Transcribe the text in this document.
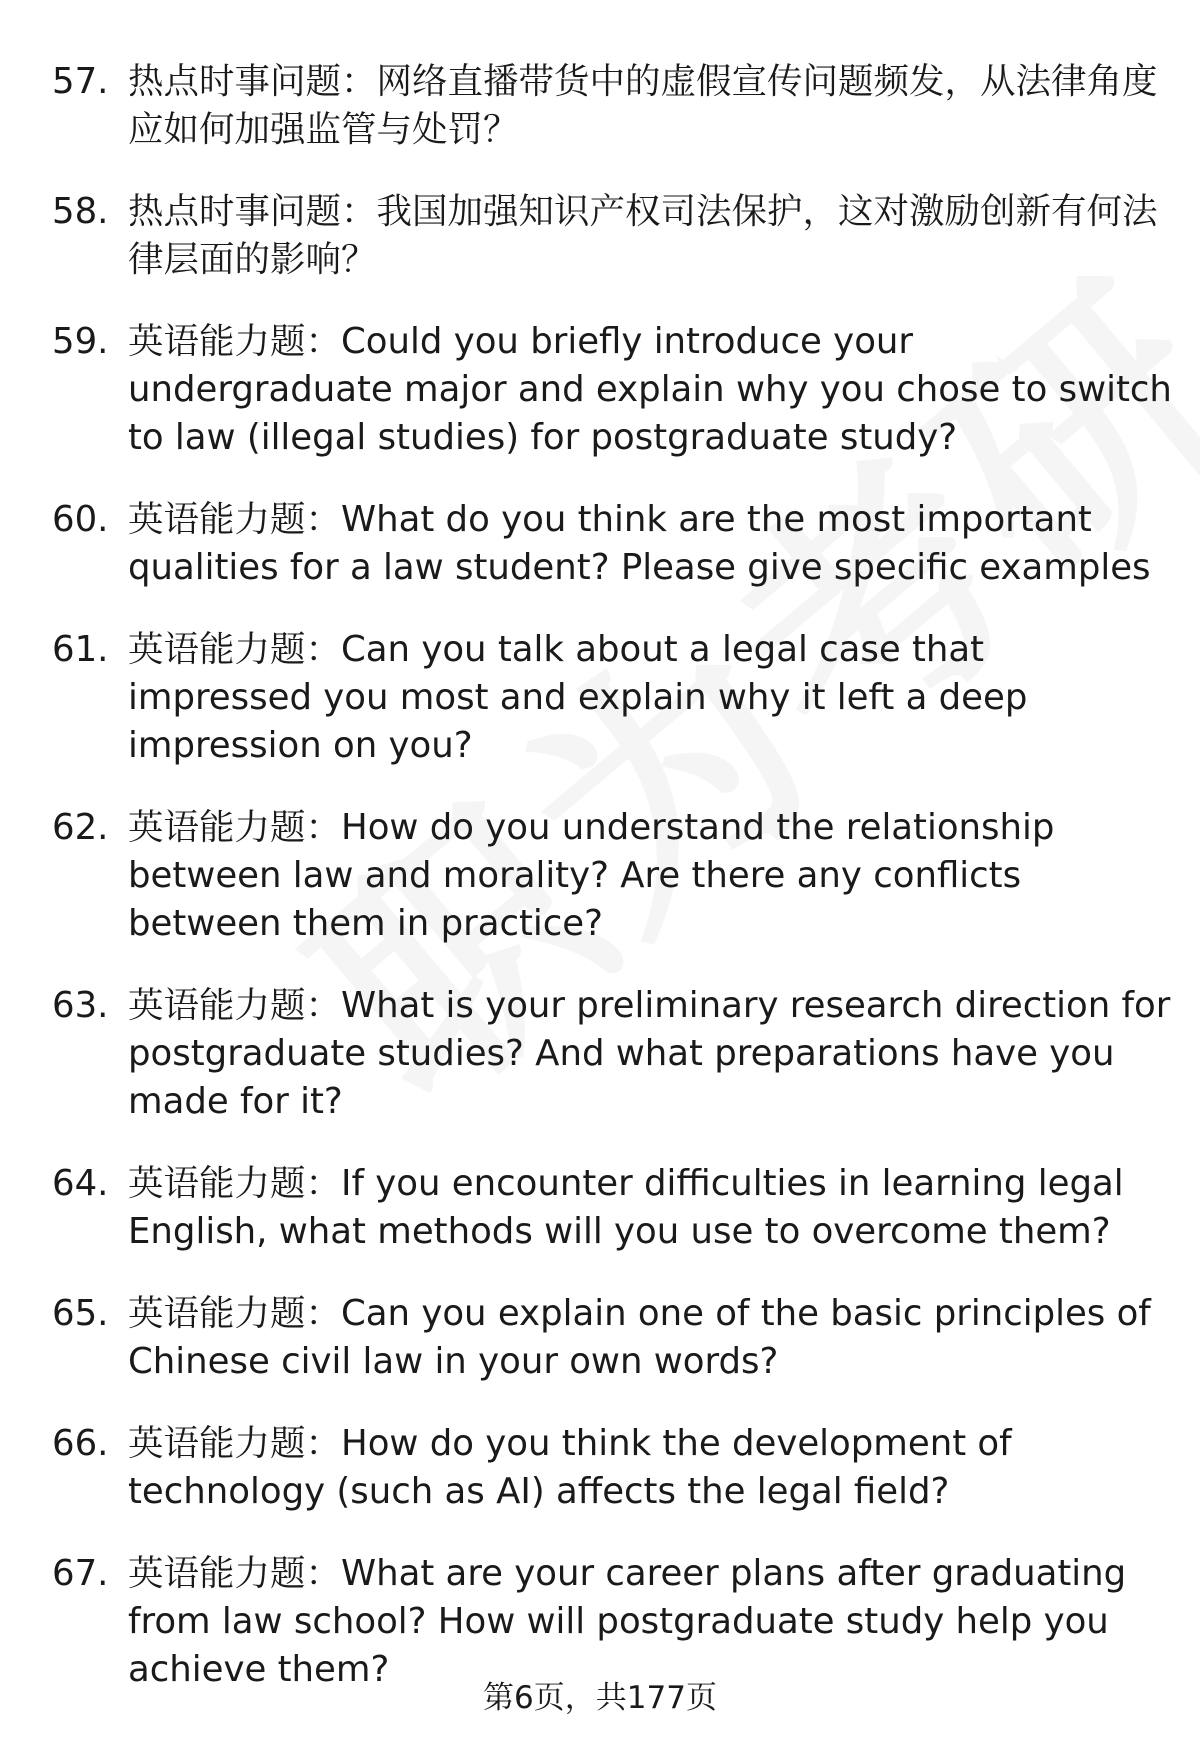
57. 热点时事问题：网络直播带货中的虚假宣传问题频发，从法律角度应如何加强监管与处罚？
58. 热点时事问题：我国加强知识产权司法保护，这对激励创新有何法律层面的影响？
59. 英语能力题：Could you briefly introduce your undergraduate major and explain why you chose to switch to law (illegal studies) for postgraduate study?
60. 英语能力题：What do you think are the most important qualities for a law student? Please give specific examples
61. 英语能力题：Can you talk about a legal case that impressed you most and explain why it left a deep impression on you?
62. 英语能力题：How do you understand the relationship between law and morality? Are there any conflicts between them in practice?
63. 英语能力题：What is your preliminary research direction for postgraduate studies? And what preparations have you made for it?
64. 英语能力题：If you encounter difficulties in learning legal English, what methods will you use to overcome them?
65. 英语能力题：Can you explain one of the basic principles of Chinese civil law in your own words?
66. 英语能力题：How do you think the development of technology (such as AI) affects the legal field?
67. 英语能力题：What are your career plans after graduating from law school? How will postgraduate study help you achieve them?
第6页，共177页
